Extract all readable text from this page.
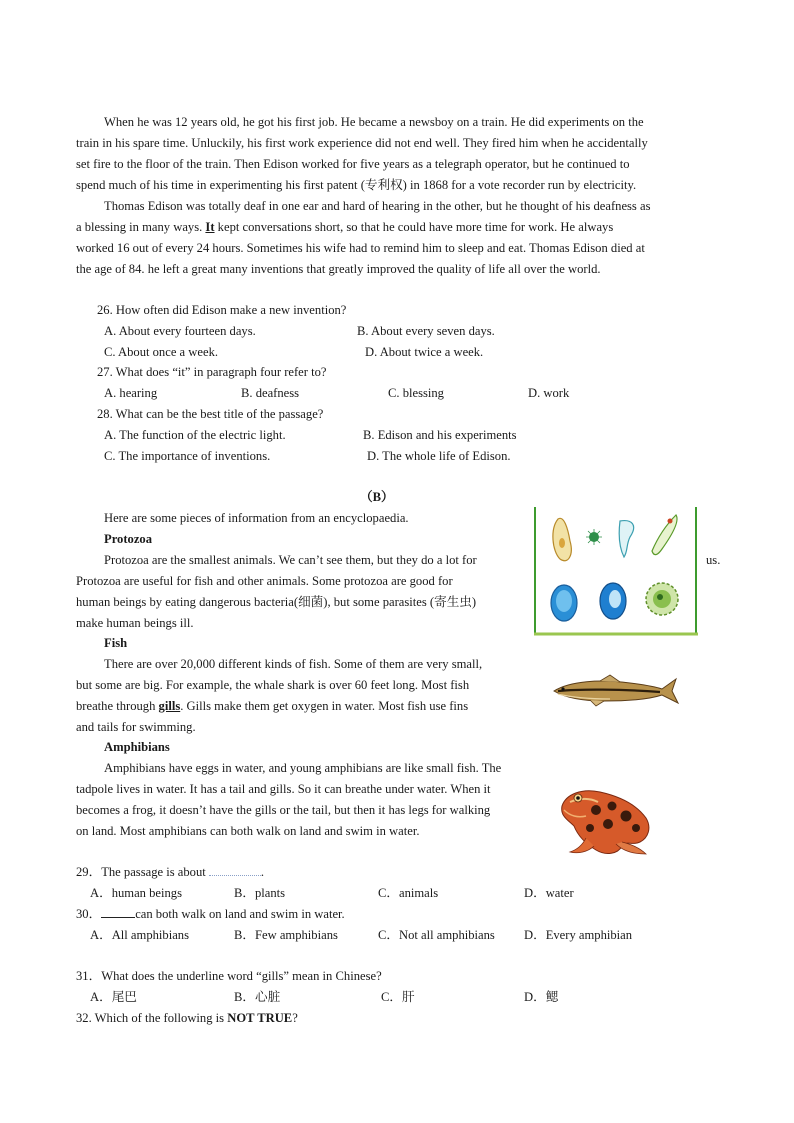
When he was 12 years old, he got his first job. He became a newsboy on a train. He did experiments on the
train in his spare time. Unluckily, his first work experience did not end well. They fired him when he accidentally
set fire to the floor of the train. Then Edison worked for five years as a telegraph operator, but he continued to
spend much of his time in experimenting his first patent (专利权) in 1868 for a vote recorder run by electricity.
Thomas Edison was totally deaf in one ear and hard of hearing in the other, but he thought of his deafness as
a blessing in many ways. It kept conversations short, so that he could have more time for work. He always
worked 16 out of every 24 hours. Sometimes his wife had to remind him to sleep and eat. Thomas Edison died at
the age of 84. he left a great many inventions that greatly improved the quality of life all over the world.
26. How often did Edison make a new invention?
A. About every fourteen days.	B. About every seven days.
C. About once a week.	D. About twice a week.
27. What does “it” in paragraph four refer to?
A. hearing	B. deafness	C. blessing	D. work
28. What can be the best title of the passage?
A. The function of the electric light.	B. Edison and his experiments
C. The importance of inventions.	D. The whole life of Edison.
（B）
Here are some pieces of information from an encyclopaedia.
Protozoa
Protozoa are the smallest animals. We can’t see them, but they do a lot for	us.
Protozoa are useful for fish and other animals. Some protozoa are good for
human beings by eating dangerous bacteria(细菌), but some parasites (寄生虫)
make human beings ill.
Fish
There are over 20,000 different kinds of fish. Some of them are very small,
but some are big. For example, the whale shark is over 60 feet long. Most fish
breathe through gills. Gills make them get oxygen in water. Most fish use fins
and tails for swimming.
Amphibians
Amphibians have eggs in water, and young amphibians are like small fish. The
tadpole lives in water. It has a tail and gills. So it can breathe under water. When it
becomes a frog, it doesn’t have the gills or the tail, but then it has legs for walking
on land. Most amphibians can both walk on land and swim in water.
29．The passage is about	.
A．human beings	B．plants	C．animals	D．water
30．	can both walk on land and swim in water.
A．All amphibians	B．Few amphibians	C．Not all amphibians D．Every amphibian
31．What does the underline word “gills” mean in Chinese?
A．尾巴	B．心脏	C．肝	D．鳃
32. Which of the following is NOT TRUE?
